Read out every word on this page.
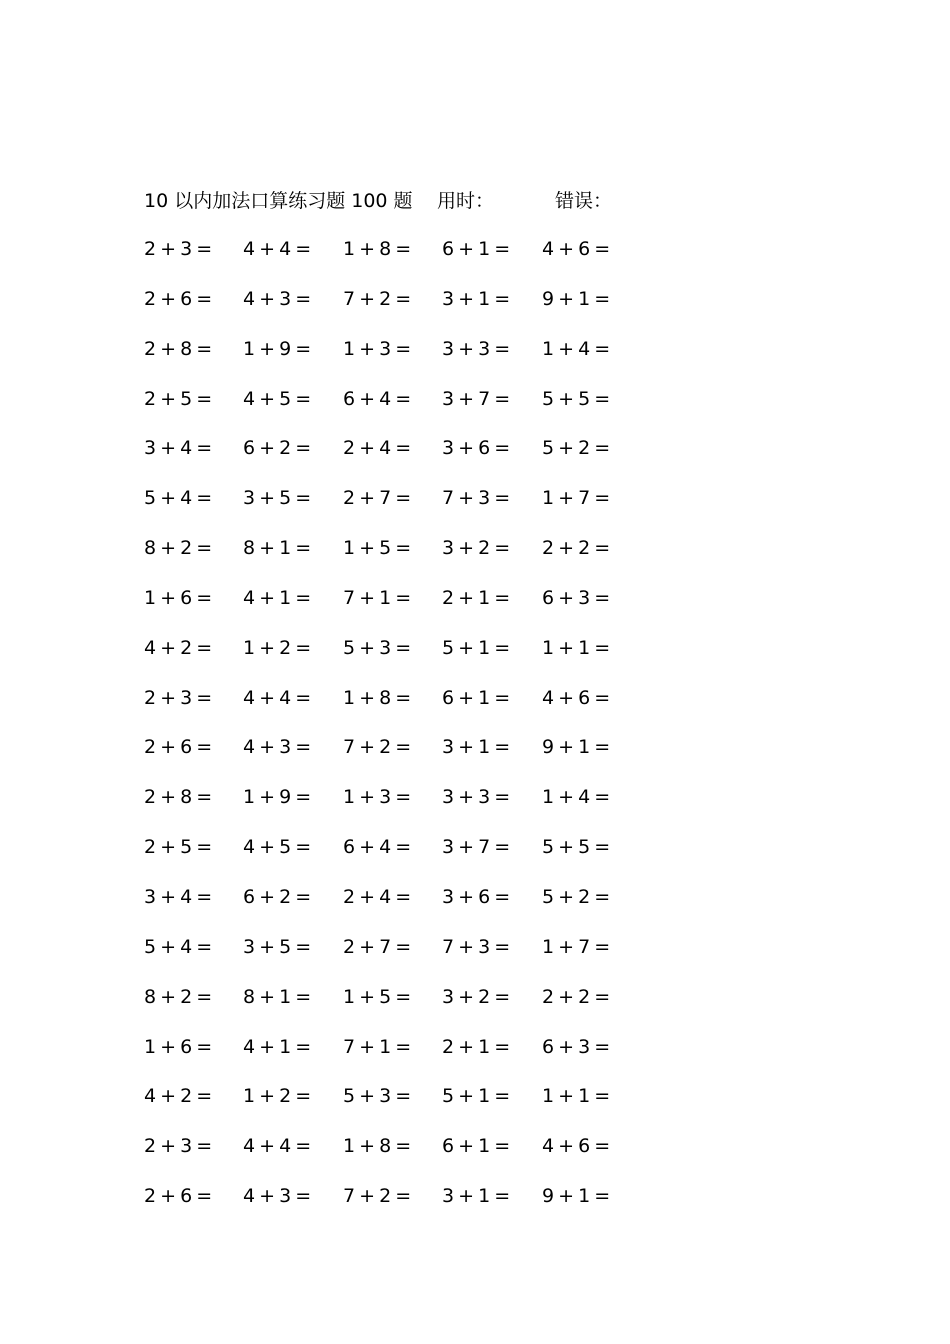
10 以内加法口算练习题 100 题 用时：	错误：
2 + 3 = 4 + 4 = 1 + 8 = 6 + 1 = 4 + 6 =
2 + 6 = 4 + 3 = 7 + 2 = 3 + 1 = 9 + 1 =
2 + 8 = 1 + 9 = 1 + 3 = 3 + 3 = 1 + 4 =
2 + 5 = 4 + 5 = 6 + 4 = 3 + 7 = 5 + 5 =
3 + 4 = 6 + 2 = 2 + 4 = 3 + 6 = 5 + 2 =
5 + 4 = 3 + 5 = 2 + 7 = 7 + 3 = 1 + 7 =
8 + 2 = 8 + 1 = 1 + 5 = 3 + 2 = 2 + 2 =
1 + 6 = 4 + 1 = 7 + 1 = 2 + 1 = 6 + 3 =
4 + 2 = 1 + 2 = 5 + 3 = 5 + 1 = 1 + 1 =
2 + 3 = 4 + 4 = 1 + 8 = 6 + 1 = 4 + 6 =
2 + 6 = 4 + 3 = 7 + 2 = 3 + 1 = 9 + 1 =
2 + 8 = 1 + 9 = 1 + 3 = 3 + 3 = 1 + 4 =
2 + 5 = 4 + 5 = 6 + 4 = 3 + 7 = 5 + 5 =
3 + 4 = 6 + 2 = 2 + 4 = 3 + 6 = 5 + 2 =
5 + 4 = 3 + 5 = 2 + 7 = 7 + 3 = 1 + 7 =
8 + 2 = 8 + 1 = 1 + 5 = 3 + 2 = 2 + 2 =
1 + 6 = 4 + 1 = 7 + 1 = 2 + 1 = 6 + 3 =
4 + 2 = 1 + 2 = 5 + 3 = 5 + 1 = 1 + 1 =
2 + 3 = 4 + 4 = 1 + 8 = 6 + 1 = 4 + 6 =
2 + 6 = 4 + 3 = 7 + 2 = 3 + 1 = 9 + 1 =
